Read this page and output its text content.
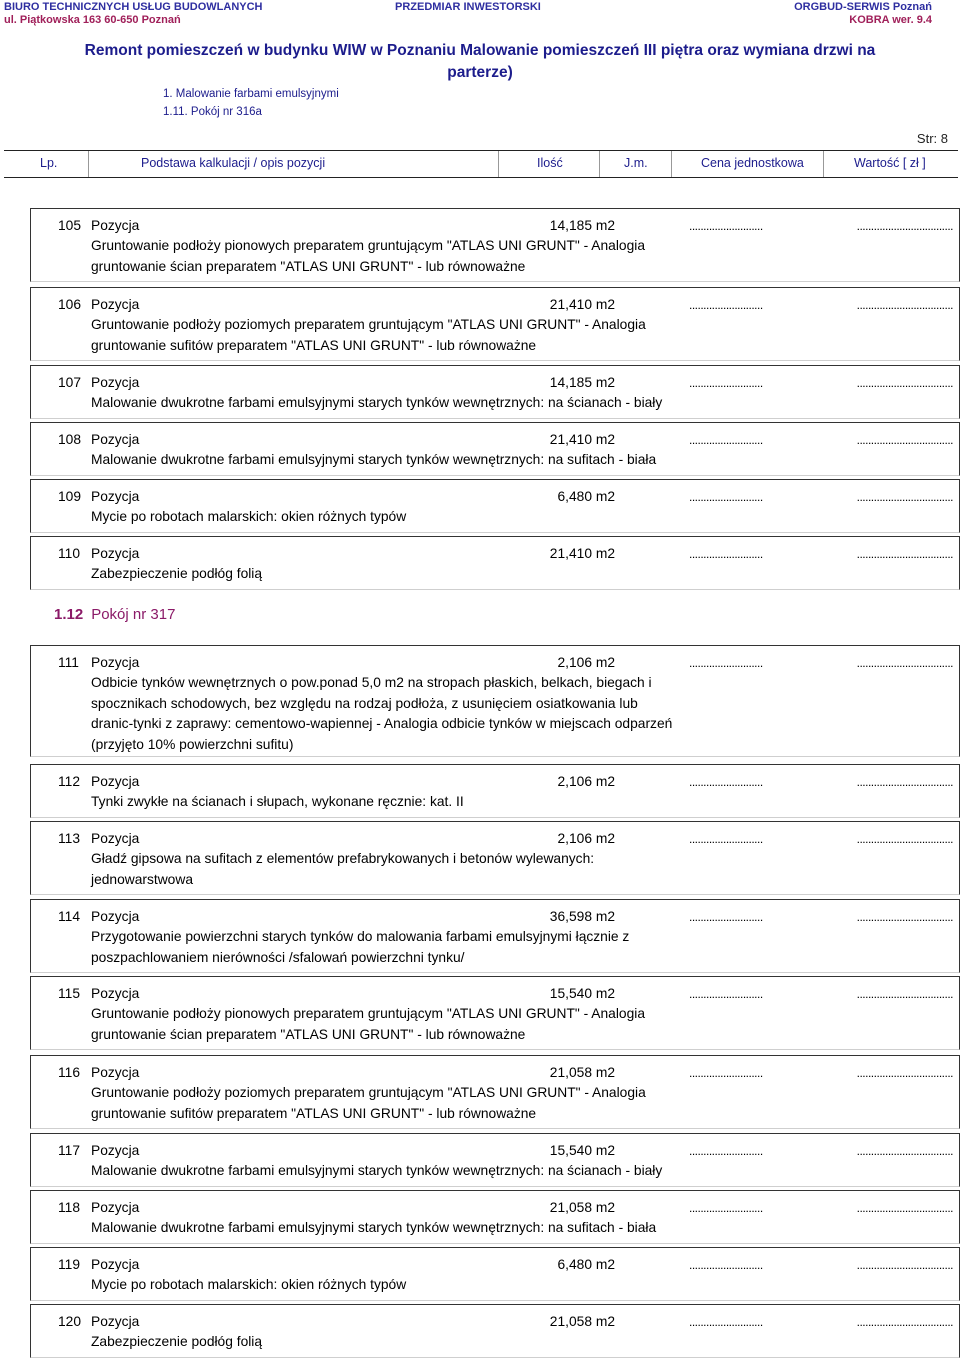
BIURO TECHNICZNYCH USŁUG BUDOWLANYCH
ul. Piątkowska 163 60-650 Poznań
PRZEDMIAR INWESTORSKI	ORGBUD-SERWIS Poznań
KOBRA wer. 9.4
Remont pomieszczeń w budynku WIW w Poznaniu Malowanie pomieszczeń III piętra oraz wymiana drzwi na parterze)
1. Malowanie farbami emulsyjnymi
1.11. Pokój nr 316a
Str: 8
Lp.	Podstawa kalkulacji / opis pozycji	Ilość	J.m.	Cena jednostkowa	Wartość [ zł ]
1.12 Pokój nr 317
105 Pozycja	14,185 m2	..........................	..................................
Gruntowanie podłoży pionowych preparatem gruntującym "ATLAS UNI GRUNT" - Analogia gruntowanie ścian preparatem "ATLAS UNI GRUNT" - lub równoważne
106 Pozycja	21,410 m2	..........................	..................................
Gruntowanie podłoży poziomych preparatem gruntującym "ATLAS UNI GRUNT" - Analogia gruntowanie sufitów preparatem "ATLAS UNI GRUNT" - lub równoważne
107 Pozycja	14,185 m2	..........................	..................................
Malowanie dwukrotne farbami emulsyjnymi starych tynków wewnętrznych: na ścianach - biały
108 Pozycja	21,410 m2	..........................	..................................
Malowanie dwukrotne farbami emulsyjnymi starych tynków wewnętrznych: na sufitach - biała
109 Pozycja	6,480 m2	..........................	..................................
Mycie po robotach malarskich: okien różnych typów
110 Pozycja	21,410 m2	..........................	..................................
Zabezpieczenie podłóg folią
111 Pozycja	2,106 m2	..........................	..................................
Odbicie tynków wewnętrznych o pow.ponad 5,0 m2 na stropach płaskich, belkach, biegach i spocznikach schodowych, bez względu na rodzaj podłoża, z usunięciem osiatkowania lub dranic-tynki z zaprawy: cementowo-wapiennej - Analogia odbicie tynków w miejscach odparzeń (przyjęto 10% powierzchni sufitu)
112 Pozycja	2,106 m2	..........................	..................................
Tynki zwykłe na ścianach i słupach, wykonane ręcznie: kat. II
113 Pozycja	2,106 m2	..........................	..................................
Gładź gipsowa na sufitach z elementów prefabrykowanych i betonów wylewanych: jednowarstwowa
114 Pozycja	36,598 m2	..........................	..................................
Przygotowanie powierzchni starych tynków do malowania farbami emulsyjnymi łącznie z poszpachlowaniem nierówności /sfalowań powierzchni tynku/
115 Pozycja	15,540 m2	..........................	..................................
Gruntowanie podłoży pionowych preparatem gruntującym "ATLAS UNI GRUNT" - Analogia gruntowanie ścian preparatem "ATLAS UNI GRUNT" - lub równoważne
116 Pozycja	21,058 m2	..........................	..................................
Gruntowanie podłoży poziomych preparatem gruntującym "ATLAS UNI GRUNT" - Analogia gruntowanie sufitów preparatem "ATLAS UNI GRUNT" - lub równoważne
117 Pozycja	15,540 m2	..........................	..................................
Malowanie dwukrotne farbami emulsyjnymi starych tynków wewnętrznych: na ścianach - biały
118 Pozycja	21,058 m2	..........................	..................................
Malowanie dwukrotne farbami emulsyjnymi starych tynków wewnętrznych: na sufitach - biała
119 Pozycja	6,480 m2	..........................	..................................
Mycie po robotach malarskich: okien różnych typów
120 Pozycja	21,058 m2	..........................	..................................
Zabezpieczenie podłóg folią
